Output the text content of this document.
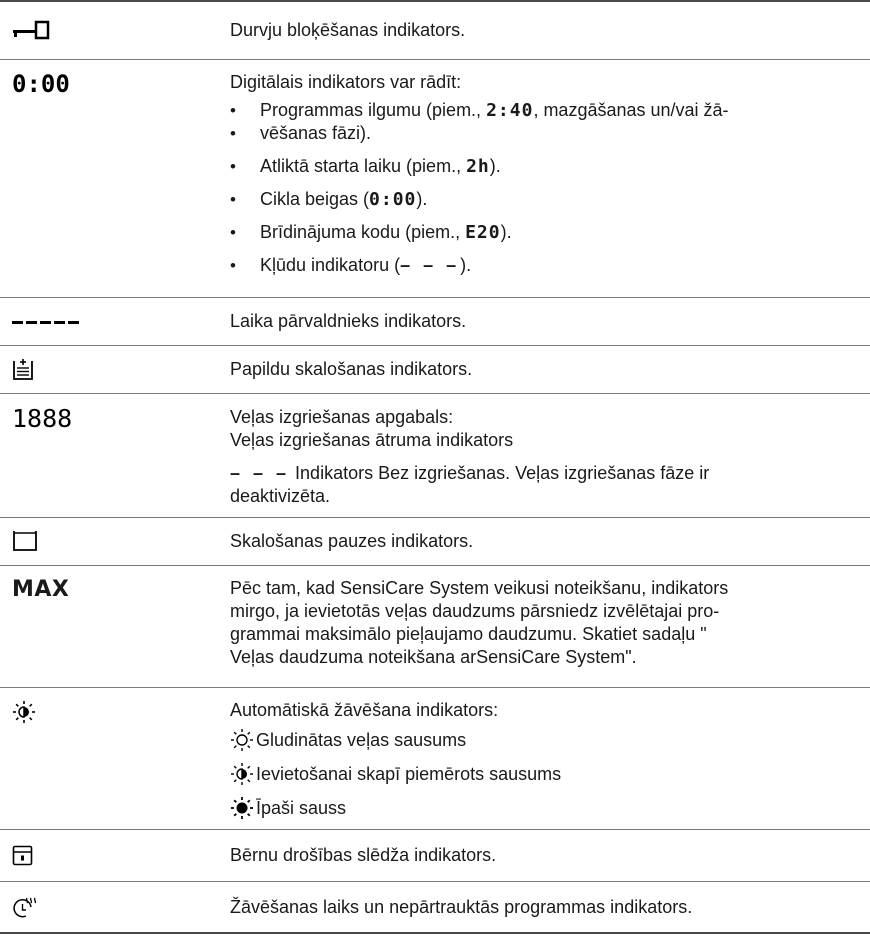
Durvju bloķēšanas indikators.

0:00	Digitālais indikators var rādīt:

• Programmas ilgumu (piem., 2:40, mazgāšanas un/vai žā-
• vēšanas fāzi).
• Atliktā starta laiku (piem., 2h).
• Cikla beigas (0:00).
• Brīdinājuma kodu (piem., E20).
• Kļūdu indikatoru (– – –).

Laika pārvaldnieks indikators.

Papildu skalošanas indikators.

1888	Veļas izgriešanas apgabals:

Veļas izgriešanas ātruma indikators

– – – Indikators Bez izgriešanas. Veļas izgriešanas fāze ir

deaktivizēta.

Skalošanas pauzes indikators.

MAX	Pēc tam, kad SensiCare System veikusi noteikšanu, indikators

mirgo, ja ievietotās veļas daudzums pārsniedz izvēlētajai pro-

grammai maksimālo pieļaujamo daudzumu. Skatiet sadaļu "

Veļas daudzuma noteikšana arSensiCare System".

Automātiskā žāvēšana indikators:

Gludinātas veļas sausums
Ievietošanai skapī piemērots sausums
Īpaši sauss

Bērnu drošības slēdža indikators.

Žāvēšanas laiks un nepārtrauktās programmas indikators.
